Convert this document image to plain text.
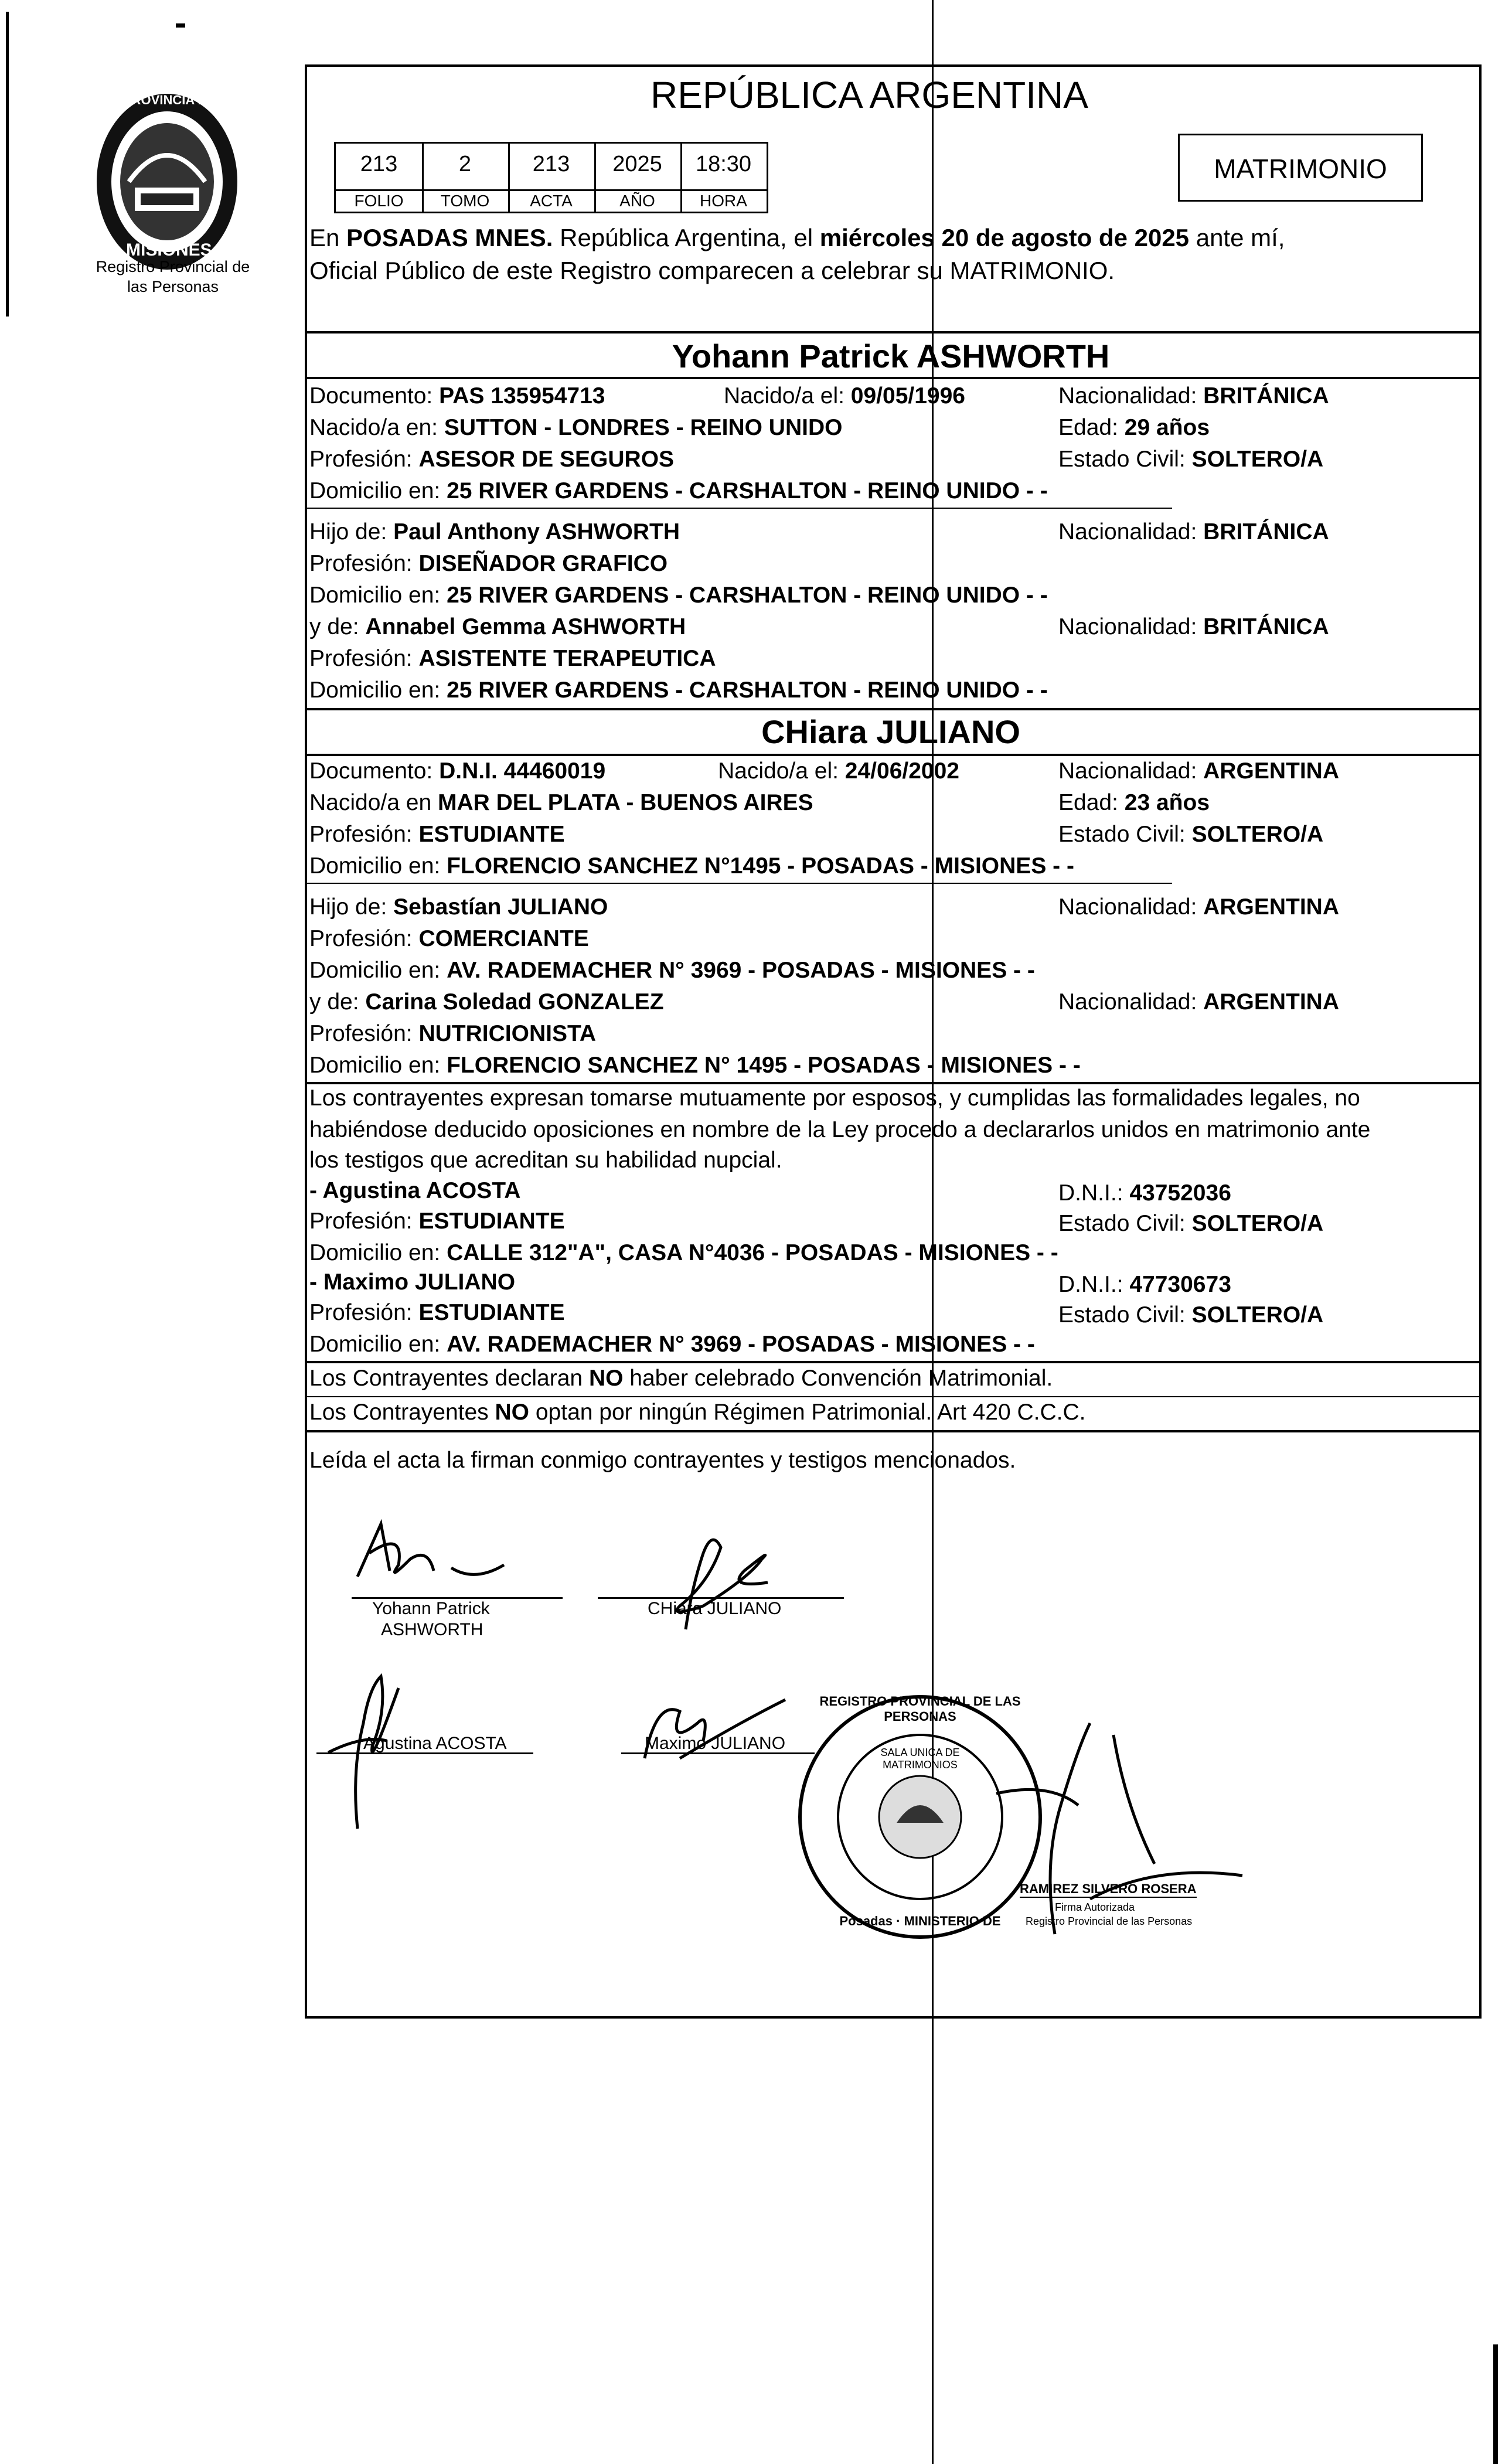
PROVINCIA DE
MISIONES
Registro Provincial de las Personas
REPÚBLICA ARGENTINA
213	2	213	2025	18:30
FOLIO	TOMO	ACTA	AÑO	HORA
MATRIMONIO
En POSADAS MNES. República Argentina, el miércoles 20 de agosto de 2025 ante mí,
Oficial Público de este Registro comparecen a celebrar su MATRIMONIO.
Yohann Patrick ASHWORTH
Documento: PAS 135954713	Nacido/a el: 09/05/1996	Nacionalidad: BRITÁNICA
Nacido/a en: SUTTON - LONDRES - REINO UNIDO	Edad: 29 años
Profesión: ASESOR DE SEGUROS	Estado Civil: SOLTERO/A
Domicilio en: 25 RIVER GARDENS - CARSHALTON - REINO UNIDO - -
Hijo de: Paul Anthony ASHWORTH	Nacionalidad: BRITÁNICA
Profesión: DISEÑADOR GRAFICO
Domicilio en: 25 RIVER GARDENS - CARSHALTON - REINO UNIDO - -
y de: Annabel Gemma ASHWORTH	Nacionalidad: BRITÁNICA
Profesión: ASISTENTE TERAPEUTICA
Domicilio en: 25 RIVER GARDENS - CARSHALTON - REINO UNIDO - -
CHiara JULIANO
Documento: D.N.I. 44460019	Nacido/a el: 24/06/2002	Nacionalidad: ARGENTINA
Nacido/a en MAR DEL PLATA - BUENOS AIRES	Edad: 23 años
Profesión: ESTUDIANTE	Estado Civil: SOLTERO/A
Domicilio en: FLORENCIO SANCHEZ N°1495 - POSADAS - MISIONES - -
Hijo de: Sebastían JULIANO	Nacionalidad: ARGENTINA
Profesión: COMERCIANTE
Domicilio en: AV. RADEMACHER N° 3969 - POSADAS - MISIONES - -
y de: Carina Soledad GONZALEZ	Nacionalidad: ARGENTINA
Profesión: NUTRICIONISTA
Domicilio en: FLORENCIO SANCHEZ N° 1495 - POSADAS - MISIONES - -
Los contrayentes expresan tomarse mutuamente por esposos, y cumplidas las formalidades legales, no
habiéndose deducido oposiciones en nombre de la Ley procedo a declararlos unidos en matrimonio ante
los testigos que acreditan su habilidad nupcial.
- Agustina ACOSTA	D.N.I.: 43752036
Profesión: ESTUDIANTE	Estado Civil: SOLTERO/A
Domicilio en: CALLE 312"A", CASA N°4036 - POSADAS - MISIONES - -
- Maximo JULIANO	D.N.I.: 47730673
Profesión: ESTUDIANTE	Estado Civil: SOLTERO/A
Domicilio en: AV. RADEMACHER N° 3969 - POSADAS - MISIONES - -
Los Contrayentes declaran NO haber celebrado Convención Matrimonial.
Los Contrayentes NO optan por ningún Régimen Patrimonial. Art 420 C.C.C.
Leída el acta la firman conmigo contrayentes y testigos mencionados.
Yohann Patrick
ASHWORTH
CHiara JULIANO
Agustina ACOSTA	Maximo JULIANO
REGISTRO PROVINCIAL DE LAS PERSONAS
SALA UNICA DE MATRIMONIOS
Posadas · MINISTERIO DE
RAMIREZ SILVERO ROSERA
Firma Autorizada
Registro Provincial de las Personas
